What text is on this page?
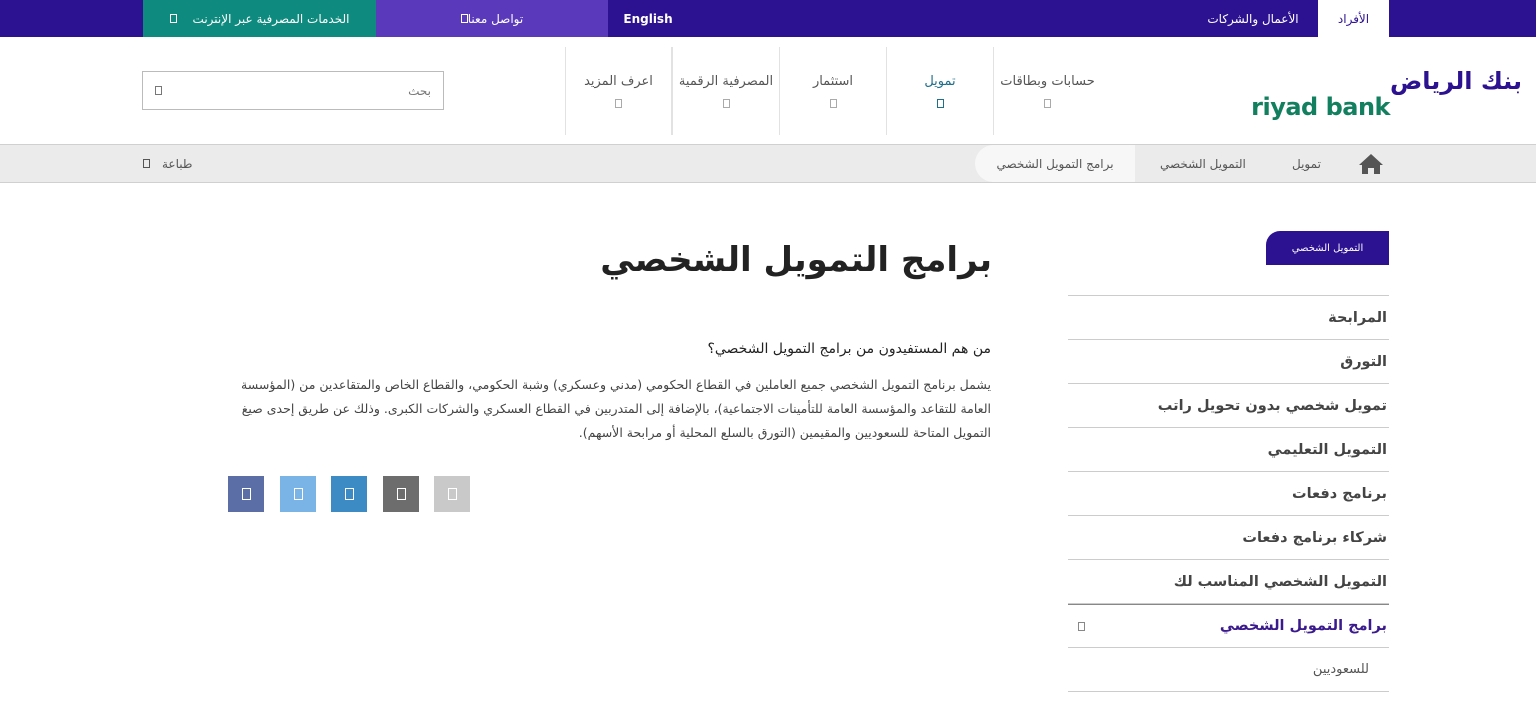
الخدمات المصرفية عبر الإنترنت	تواصل معنا	English	الأعمال والشركات	الأفراد
بنك الرياض
riyad bank
حسابات وبطاقات
تمويل
استثمار
المصرفية الرقمية
اعرف المزيد
بحث
تمويل
التمويل الشخصي
برامج التمويل الشخصي
طباعة
التمويل الشخصي
المرابحة
التورق
تمويل شخصي بدون تحويل راتب
التمويل التعليمي
برنامج دفعات
شركاء برنامج دفعات
التمويل الشخصي المناسب لك
برامج التمويل الشخصي
للسعوديين
برامج التمويل الشخصي
من هم المستفيدون من برامج التمويل الشخصي؟

يشمل برنامج التمويل الشخصي جميع العاملين في القطاع الحكومي (مدني وعسكري) وشبة الحكومي، والقطاع الخاص والمتقاعدين من (المؤسسة العامة للتقاعد والمؤسسة العامة للتأمينات الاجتماعية)، بالإضافة إلى المتدربين في القطاع العسكري والشركات الكبرى. وذلك عن طريق إحدى صيغ التمويل المتاحة للسعوديين والمقيمين (التورق بالسلع المحلية أو مرابحة الأسهم).
